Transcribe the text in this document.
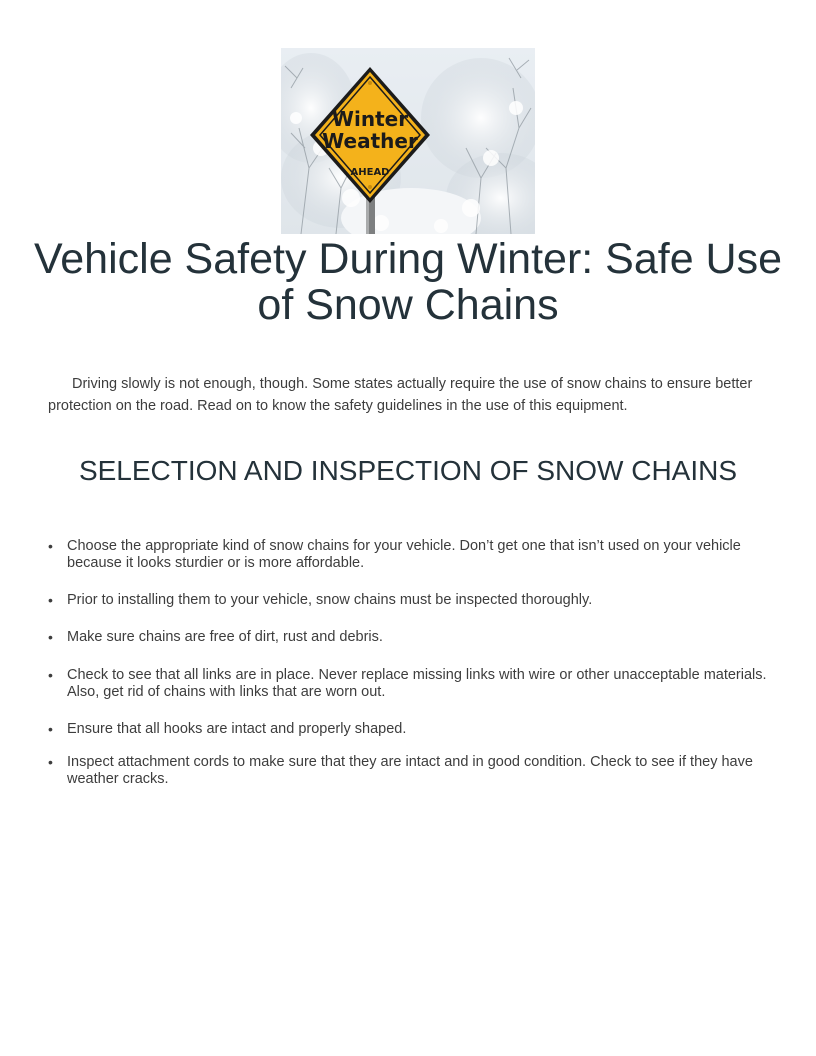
Winter
Weather
AHEAD
Vehicle Safety During Winter: Safe Use of Snow Chains

Driving slowly is not enough, though. Some states actually require the use of snow chains to ensure better protection on the road. Read on to know the safety guidelines in the use of this equipment.

SELECTION AND INSPECTION OF SNOW CHAINS
• Choose the appropriate kind of snow chains for your vehicle. Don’t get one that isn’t used on your vehicle because it looks sturdier or is more affordable.
• Prior to installing them to your vehicle, snow chains must be inspected thoroughly.
• Make sure chains are free of dirt, rust and debris.
• Check to see that all links are in place. Never replace missing links with wire or other unacceptable materials. Also, get rid of chains with links that are worn out.
• Ensure that all hooks are intact and properly shaped.
• Inspect attachment cords to make sure that they are intact and in good condition. Check to see if they have weather cracks.
